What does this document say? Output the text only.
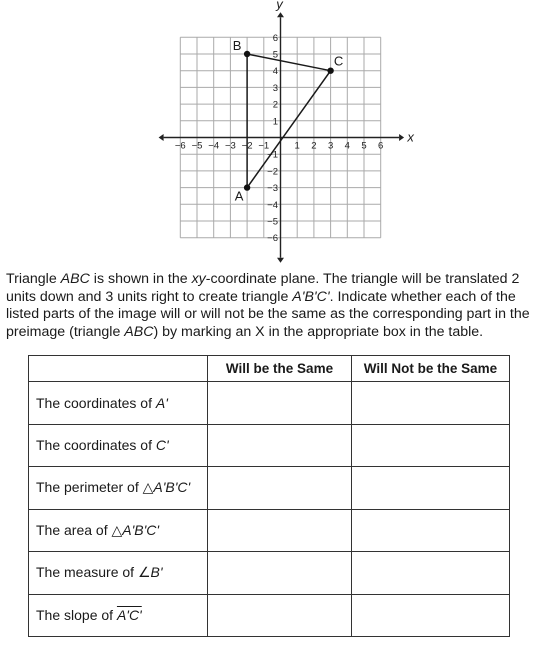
−6 −5 −4 −3 −2 −1	1 2 3 4 5 6
6
5
4
3
2
1
−1
−2
−3
−4
−5
−6
A
B
C
x
y

Triangle ABC is shown in the xy-coordinate plane. The triangle will be translated 2 units down and 3 units right to create triangle A'B'C'. Indicate whether each of the listed parts of the image will or will not be the same as the corresponding part in the preimage (triangle ABC) by marking an X in the appropriate box in the table.

	Will be the Same	Will Not be the Same
The coordinates of A'		
The coordinates of C'		
The perimeter of △A'B'C'		
The area of △A'B'C'		
The measure of ∠B'		
The slope of A'C'		
